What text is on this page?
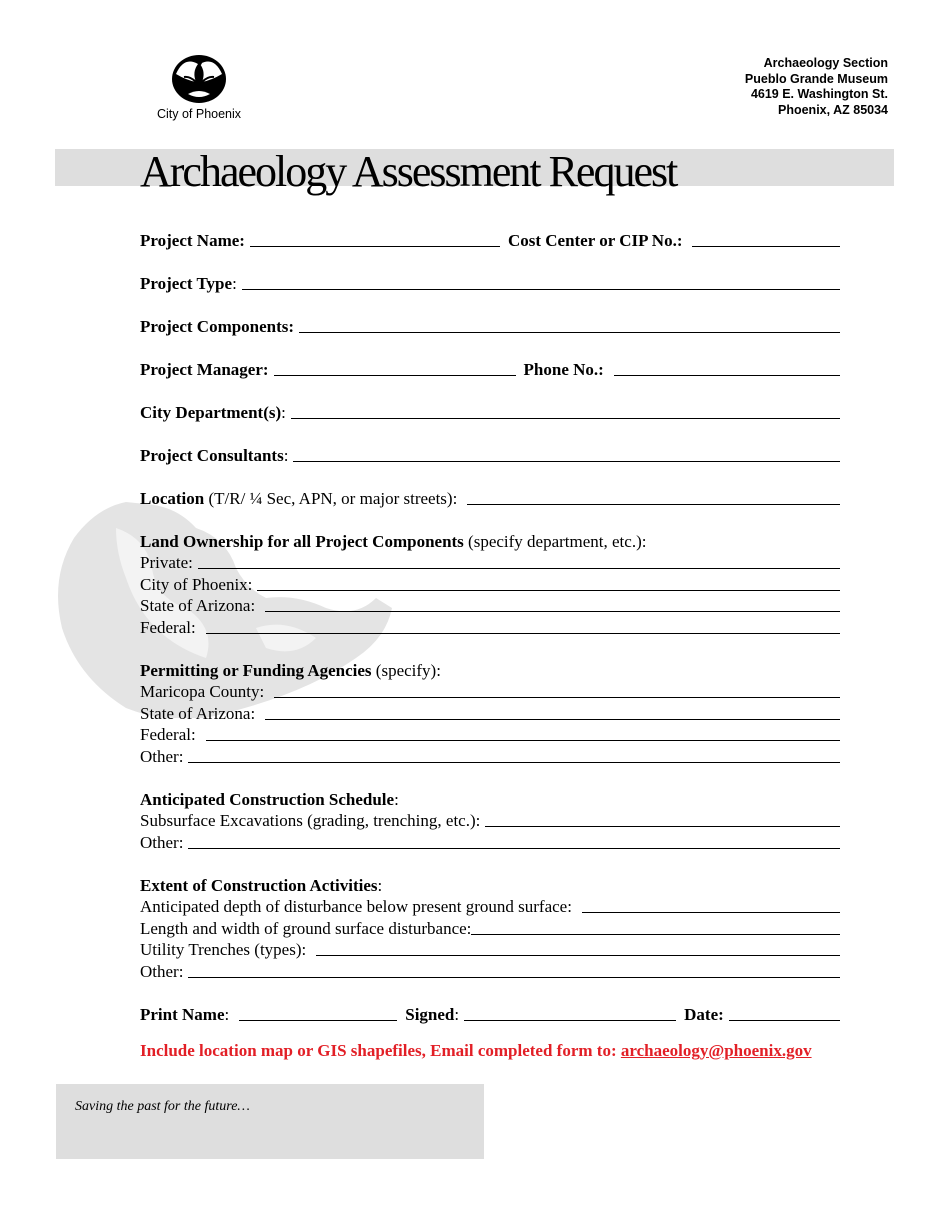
City of Phoenix
Archaeology Section
Pueblo Grande Museum
4619 E. Washington St.
Phoenix, AZ 85034
Archaeology Assessment Request
Project Name:	Cost Center or CIP No.:
Project Type:
Project Components:
Project Manager:	Phone No.:
City Department(s):
Project Consultants:
Location (T/R/ ¼ Sec, APN, or major streets):
Land Ownership for all Project Components (specify department, etc.):
Private:
City of Phoenix:
State of Arizona:
Federal:
Permitting or Funding Agencies (specify):
Maricopa County:
State of Arizona:
Federal:
Other:
Anticipated Construction Schedule:
Subsurface Excavations (grading, trenching, etc.):
Other:
Extent of Construction Activities:
Anticipated depth of disturbance below present ground surface:
Length and width of ground surface disturbance:
Utility Trenches (types):
Other:
Print Name:	Signed:	Date:
Include location map or GIS shapefiles, Email completed form to: archaeology@phoenix.gov
Saving the past for the future…
